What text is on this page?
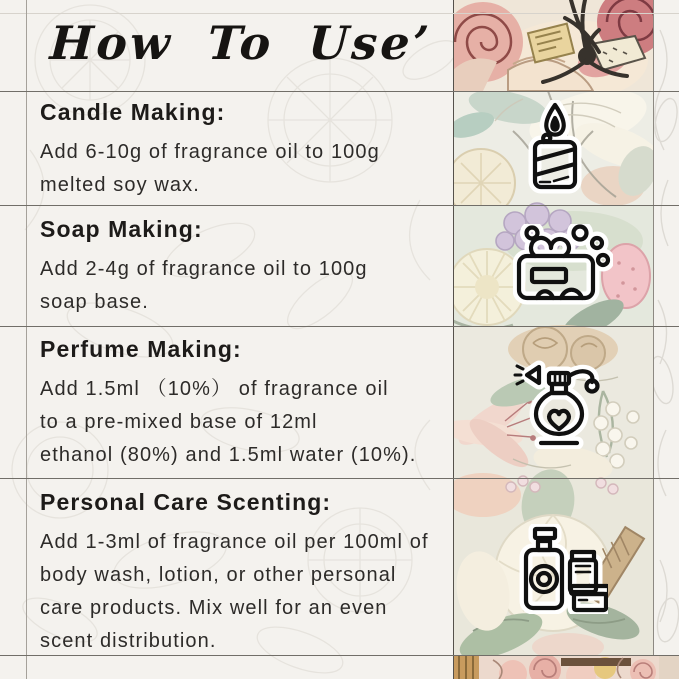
How To Use’
Candle Making:
Add 6-10g of fragrance oil to 100g
melted soy wax.
Soap Making:
Add 2-4g of fragrance oil to 100g
soap base.
Perfume Making:
Add 1.5ml （10%） of fragrance oil
to a pre-mixed base of 12ml
ethanol (80%) and 1.5ml water (10%).
Personal Care Scenting:
Add 1-3ml of fragrance oil per 100ml of
body wash, lotion, or other personal
care products. Mix well for an even
scent distribution.
